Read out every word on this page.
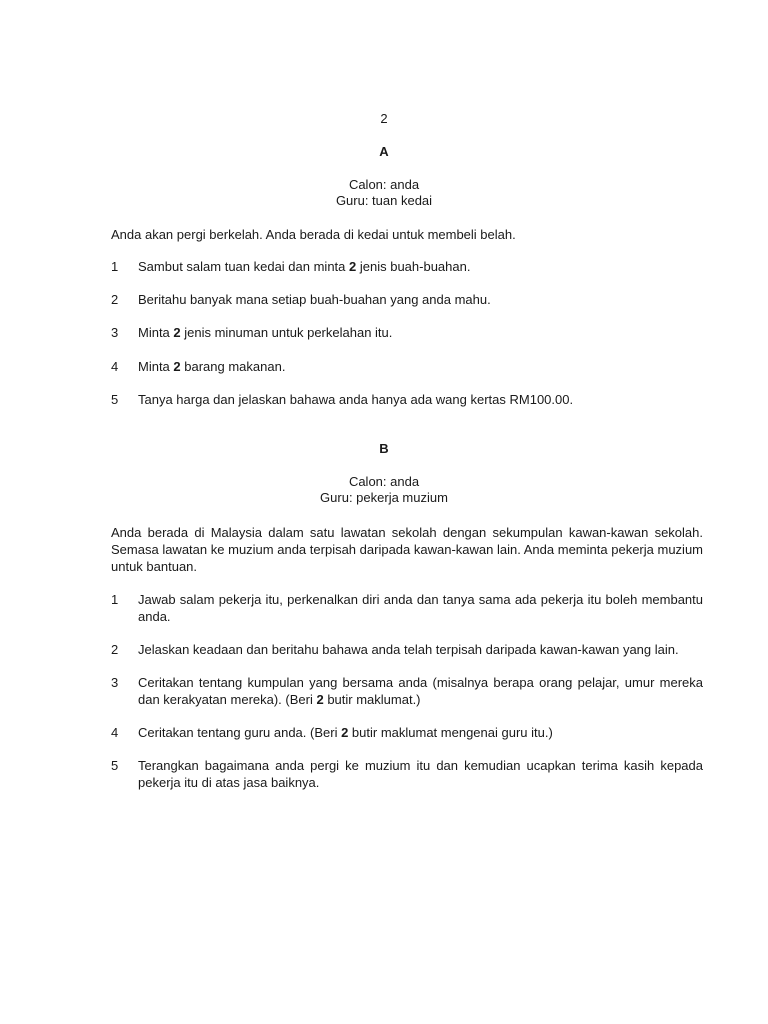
2
A
Calon: anda
Guru: tuan kedai
Anda akan pergi berkelah. Anda berada di kedai untuk membeli belah.
1	Sambut salam tuan kedai dan minta 2 jenis buah-buahan.
2	Beritahu banyak mana setiap buah-buahan yang anda mahu.
3	Minta 2 jenis minuman untuk perkelahan itu.
4	Minta 2 barang makanan.
5	Tanya harga dan jelaskan bahawa anda hanya ada wang kertas RM100.00.
B
Calon: anda
Guru: pekerja muzium
Anda berada di Malaysia dalam satu lawatan sekolah dengan sekumpulan kawan-kawan sekolah. Semasa lawatan ke muzium anda terpisah daripada kawan-kawan lain. Anda meminta pekerja muzium untuk bantuan.
1	Jawab salam pekerja itu, perkenalkan diri anda dan tanya sama ada pekerja itu boleh membantu anda.
2	Jelaskan keadaan dan beritahu bahawa anda telah terpisah daripada kawan-kawan yang lain.
3	Ceritakan tentang kumpulan yang bersama anda (misalnya berapa orang pelajar, umur mereka dan kerakyatan mereka). (Beri 2 butir maklumat.)
4	Ceritakan tentang guru anda. (Beri 2 butir maklumat mengenai guru itu.)
5	Terangkan bagaimana anda pergi ke muzium itu dan kemudian ucapkan terima kasih kepada pekerja itu di atas jasa baiknya.
